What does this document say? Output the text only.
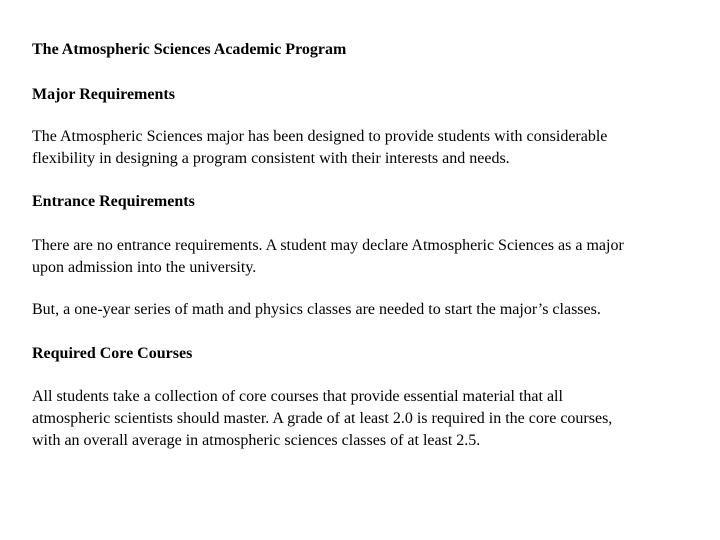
The Atmospheric Sciences Academic Program
Major Requirements
The Atmospheric Sciences major has been designed to provide students with considerable
flexibility in designing a program consistent with their interests and needs.
Entrance Requirements
There are no entrance requirements. A student may declare Atmospheric Sciences as a major
upon admission into the university.
But, a one-year series of math and physics classes are needed to start the major’s classes.
Required Core Courses
All students take a collection of core courses that provide essential material that all
atmospheric scientists should master. A grade of at least 2.0 is required in the core courses,
with an overall average in atmospheric sciences classes of at least 2.5.
